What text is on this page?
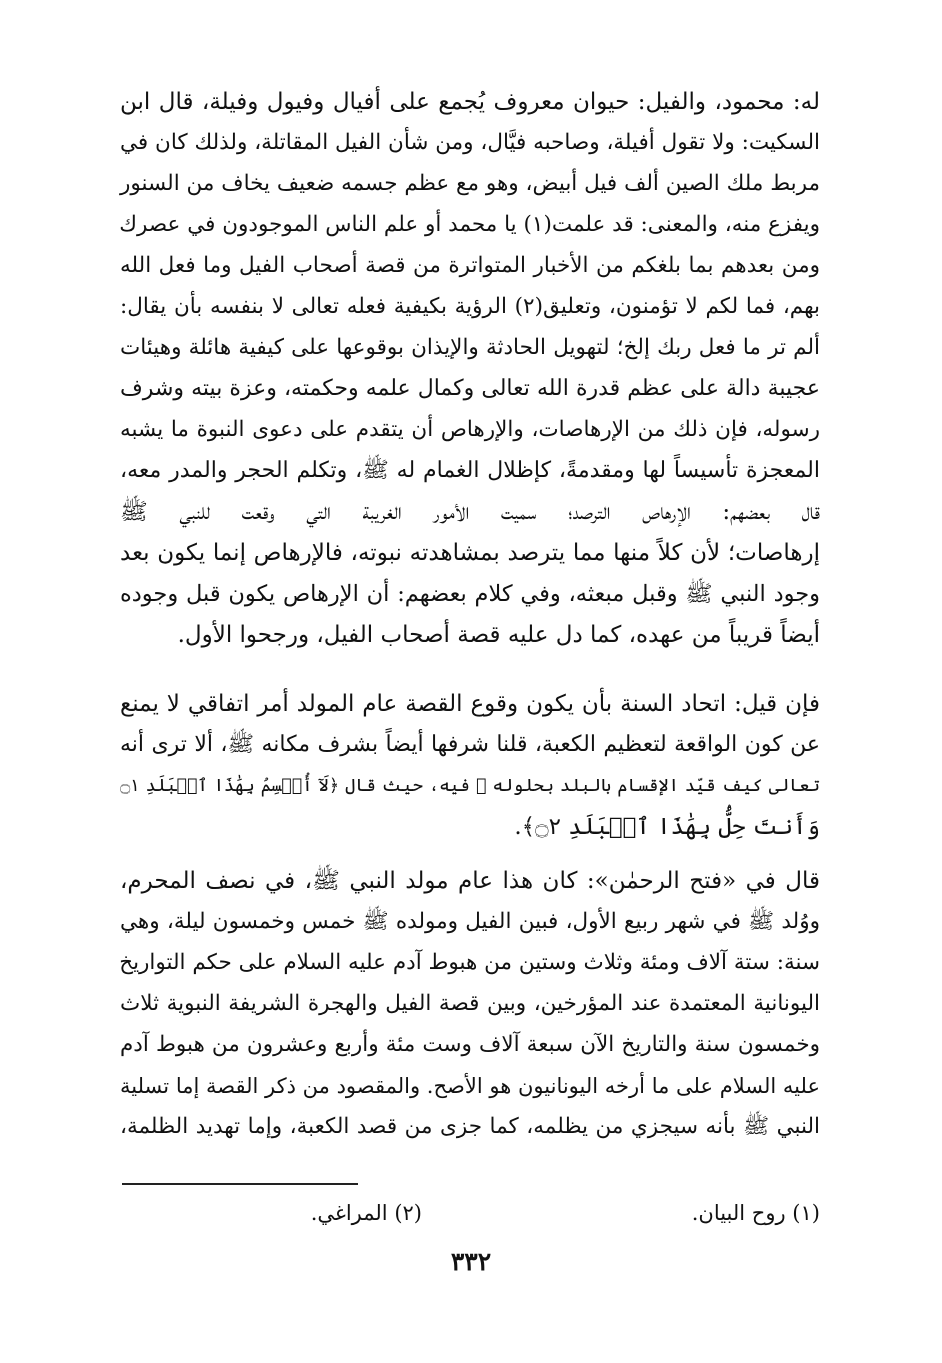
له: محمود، والفيل: حيوان معروف يُجمع على أفيال وفيول وفيلة، قال ابن
السكيت: ولا تقول أفيلة، وصاحبه فيَّال، ومن شأن الفيل المقاتلة، ولذلك كان في
مربط ملك الصين ألف فيل أبيض، وهو مع عظم جسمه ضعيف يخاف من السنور
ويفزع منه، والمعنى: قد علمت(١) يا محمد أو علم الناس الموجودون في عصرك
ومن بعدهم بما بلغكم من الأخبار المتواترة من قصة أصحاب الفيل وما فعل الله
بهم، فما لكم لا تؤمنون، وتعليق(٢) الرؤية بكيفية فعله تعالى لا بنفسه بأن يقال:
ألم تر ما فعل ربك إلخ؛ لتهويل الحادثة والإيذان بوقوعها على كيفية هائلة وهيئات
عجيبة دالة على عظم قدرة الله تعالى وكمال علمه وحكمته، وعزة بيته وشرف
رسوله، فإن ذلك من الإرهاصات، والإرهاص أن يتقدم على دعوى النبوة ما يشبه
المعجزة تأسيساً لها ومقدمةً، كإظلال الغمام له ﷺ، وتكلم الحجر والمدر معه،
قال بعضهم: الإرهاص الترصد؛ سميت الأمور الغريبة التي وقعت للنبي ﷺ
إرهاصات؛ لأن كلاً منها مما يترصد بمشاهدته نبوته، فالإرهاص إنما يكون بعد
وجود النبي ﷺ وقبل مبعثه، وفي كلام بعضهم: أن الإرهاص يكون قبل وجوده
أيضاً قريباً من عهده، كما دل عليه قصة أصحاب الفيل، ورجحوا الأول.
فإن قيل: اتحاد السنة بأن يكون وقوع القصة عام المولد أمر اتفاقي لا يمنع
عن كون الواقعة لتعظيم الكعبة، قلنا شرفها أيضاً بشرف مكانه ﷺ، ألا ترى أنه
تعالى كيف قيّد الإقسام بالبلد بحلوله ﷺ فيه، حيث قال ﴿لَآ أُقۡسِمُ بِهَٰذَا ٱلۡبَلَدِ ۝١
وَأَنتَ حِلُّۢ بِهَٰذَا ٱلۡبَلَدِ ۝٢﴾.
قال في «فتح الرحمٰن»: كان هذا عام مولد النبي ﷺ، في نصف المحرم،
ووُلد ﷺ في شهر ربيع الأول، فبين الفيل ومولده ﷺ خمس وخمسون ليلة، وهي
سنة: ستة آلاف ومئة وثلاث وستين من هبوط آدم عليه السلام على حكم التواريخ
اليونانية المعتمدة عند المؤرخين، وبين قصة الفيل والهجرة الشريفة النبوية ثلاث
وخمسون سنة والتاريخ الآن سبعة آلاف وست مئة وأربع وعشرون من هبوط آدم
عليه السلام على ما أرخه اليونانيون هو الأصح. والمقصود من ذكر القصة إما تسلية
النبي ﷺ بأنه سيجزي من يظلمه، كما جزى من قصد الكعبة، وإما تهديد الظلمة،
(١) روح البيان.
(٢) المراغي.
٣٣٢
